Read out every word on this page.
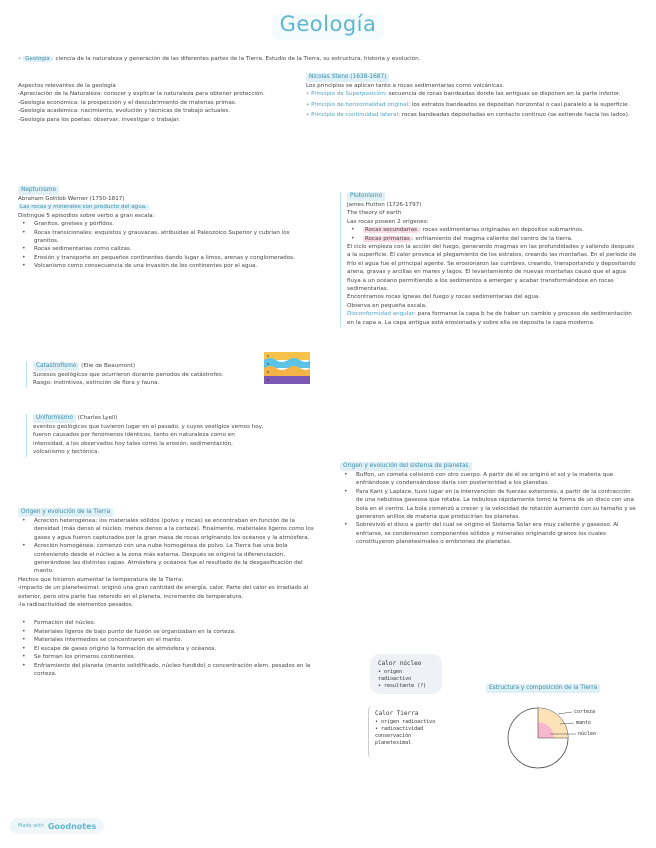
Geología
• Geología : ciencia de la naturaleza y generación de las diferentes partes de la Tierra. Estudio de la Tierra, su estructura, historia y evolución.
Aspectos relevantes de la geología
-Apreciación de la Naturaleza: conocer y explicar la naturaleza para obtener protección.
-Geología económica: la prospección y el descubrimiento de materias primas.
-Geología académica: nacimiento, evolución y técnicas de trabajo actuales.
-Geología para los poetas: observar, investigar o trabajar.
Nicolas Steno (1638-1687)
Los principios se aplican tanto a rocas sedimentarias como volcánicas.
• Principio de Superposición: secuencia de rocas bandeadas donde las antiguas se disponen en la parte inferior.
• Principio de horizontalidad original: los estratos bandeados se depositan horizontal o casi paralelo a la superficie.
• Principio de continuidad lateral: rocas bandeadas depositadas en contacto continuo (se extiende hacia los lados).
Neptunismo
Abraham Gottlob Werner (1750-1817)
Las rocas y minerales son producto del agua.
Distingue 5 episodios sobre verbo a gran escala:
• Granitos, gneises y pórfidos.
• Rocas transicionales: esquistos y grauvacas, atribuidas al Paleozoico Superior y cubrían los granitos.
• Rocas sedimentarias como calizas.
• Erosión y transporte en pequeños continentes dando lugar a limos, arenas y conglomerados.
• Volcanismo como consecuencia de una invasión de los continentes por el agua.
Catastrofismo (Elie de Beaumont)
Sucesos geológicos que ocurrieron durante periodos de catástrofes.
Rasgo: instintivos, extinción de flora y fauna.
Uniformismo (Charles Lyell)
eventos geológicos que tuvieron lugar en el pasado, y cuyos vestigios vemos hoy, fueron causados por fenómenos idénticos, tanto en naturaleza como en intensidad, a los observados hoy tales como la erosión, sedimentación, volcanismo y tectónica.
Origen y evolución de la Tierra
• Acreción heterogénea: los materiales sólidos (polvo y rocas) se encontraban en función de la densidad (más denso al núcleo, menos denso a la corteza). Finalmente, materiales ligeros como los gases y agua fueron capturados por la gran masa de rocas originando los océanos y la atmósfera.
• Acreción homogénea: comenzó con una nube homogénea de polvo. La Tierra fue una bola conteniendo desde el núcleo a la zona más externa. Después se originó la diferenciación, generándose las distintas capas. Atmósfera y océanos fue el resultado de la desgasificación del manto.
Hechos que hicieron aumentar la temperatura de la Tierra:
-impacto de un planetesimal: originó una gran cantidad de energía, calor. Parte del calor es irradiado al exterior, pero otra parte fue retenido en el planeta, incremento de temperatura.
-la radioactividad de elementos pesados.
• Formación del núcleo.
• Materiales ligeros de bajo punto de fusión se organizaban en la corteza.
• Materiales intermedios se concentraron en el manto.
• El escape de gases originó la formación de atmósfera y océanos.
• Se forman los primeros continentes.
• Enfriamiento del planeta (manto solidificado, núcleo fundido) o concentración elem. pesados en la corteza.
Plutonismo
James Hutton (1726-1797)
The theory of earth
Las rocas poseen 2 orígenes:
• Rocas secundarias : rocas sedimentarias originadas en depósitos submarinos.
• Rocas primarias : enfriamiento del magma caliente del centro de la tierra.
El ciclo empieza con la acción del fuego, generando magmas en las profundidades y saliendo después a la superficie. El calor provoca el plegamiento de los estratos, creando las montañas. En el periodo de frío el agua fue el principal agente. Se erosionaron las cumbres, creando, transportando y depositando arena, gravas y arcillas en mares y lagos. El levantamiento de nuevas montañas causó que el agua fluya a un océano permitiendo a los sedimentos a emerger y acabar transformándose en rocas sedimentarias.
Encontramos rocas ígneas del fuego y rocas sedimentarias del agua.
Observa en pequeña escala.
Disconformidad angular: para formarse la capa b ha de haber un cambio y proceso de sedimentación en la capa a. La capa antigua está erosionada y sobre ella se deposita la capa moderna.
Origen y evolución del sistema de planetas
• Buffon, un cometa colisionó con otro cuerpo. A partir de él se originó el sol y la materia que enfriándose y condensándose daría con posterioridad a los planetas.
• Para Kant y Laplace, tuvo lugar en la intervención de fuerzas exteriores, a partir de la contracción de una nebulosa gaseosa que rotaba. La nebulosa rápidamente tomó la forma de un disco con una bola en el centro. La bola comenzó a crecer y la velocidad de rotación aumentó con su tamaño y se generaron anillos de materia que producirían los planetas.
• Sobrevivió el disco a partir del cual se originó el Sistema Solar era muy caliente y gaseoso. Al enfriarse, se condensaron componentes sólidos y minerales originando granos los cuales constituyeron planetesimales o embriones de planetas.
Calor núcleo
• origen radioactivo
• resultante (?)
Calor Tierra
• origen radioactivo
• radioactividad
conservación planetesimal
Estructura y composición de la Tierra
corteza
manto
núcleo
Made with Goodnotes
